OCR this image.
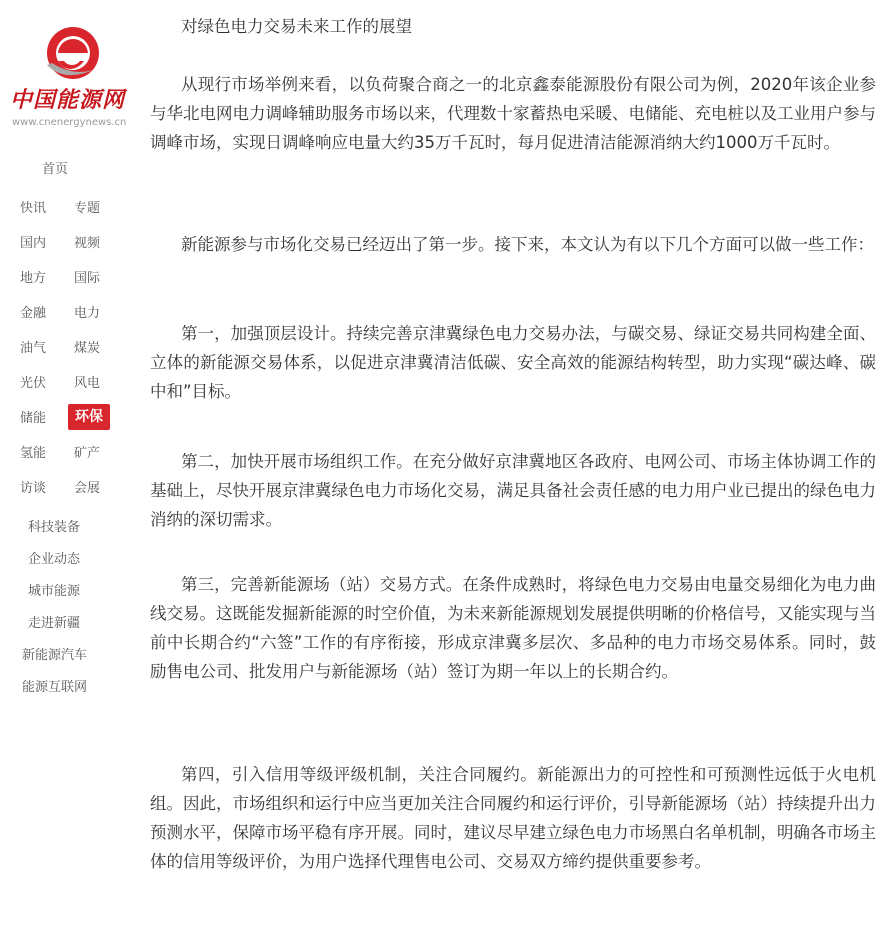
中国能源网
www.cnenergynews.cn
首页
快讯 专题
国内 视频
地方 国际
金融 电力
油气 煤炭
光伏 风电
储能	环保
氢能 矿产
访谈 会展
科技装备
企业动态
城市能源
走进新疆
新能源汽车
能源互联网

对绿色电力交易未来工作的展望

从现行市场举例来看，以负荷聚合商之一的北京鑫泰能源股份有限公司为例，2020年该企业参与华北电网电力调峰辅助服务市场以来，代理数十家蓄热电采暖、电储能、充电桩以及工业用户参与调峰市场，实现日调峰响应电量大约35万千瓦时，每月促进清洁能源消纳大约1000万千瓦时。

新能源参与市场化交易已经迈出了第一步。接下来，本文认为有以下几个方面可以做一些工作：

第一，加强顶层设计。持续完善京津冀绿色电力交易办法，与碳交易、绿证交易共同构建全面、立体的新能源交易体系，以促进京津冀清洁低碳、安全高效的能源结构转型，助力实现“碳达峰、碳中和”目标。

第二，加快开展市场组织工作。在充分做好京津冀地区各政府、电网公司、市场主体协调工作的基础上，尽快开展京津冀绿色电力市场化交易，满足具备社会责任感的电力用户业已提出的绿色电力消纳的深切需求。

第三，完善新能源场（站）交易方式。在条件成熟时，将绿色电力交易由电量交易细化为电力曲线交易。这既能发掘新能源的时空价值，为未来新能源规划发展提供明晰的价格信号，又能实现与当前中长期合约“六签”工作的有序衔接，形成京津冀多层次、多品种的电力市场交易体系。同时，鼓励售电公司、批发用户与新能源场（站）签订为期一年以上的长期合约。

第四，引入信用等级评级机制，关注合同履约。新能源出力的可控性和可预测性远低于火电机组。因此，市场组织和运行中应当更加关注合同履约和运行评价，引导新能源场（站）持续提升出力预测水平，保障市场平稳有序开展。同时，建议尽早建立绿色电力市场黑白名单机制，明确各市场主体的信用等级评价，为用户选择代理售电公司、交易双方缔约提供重要参考。
